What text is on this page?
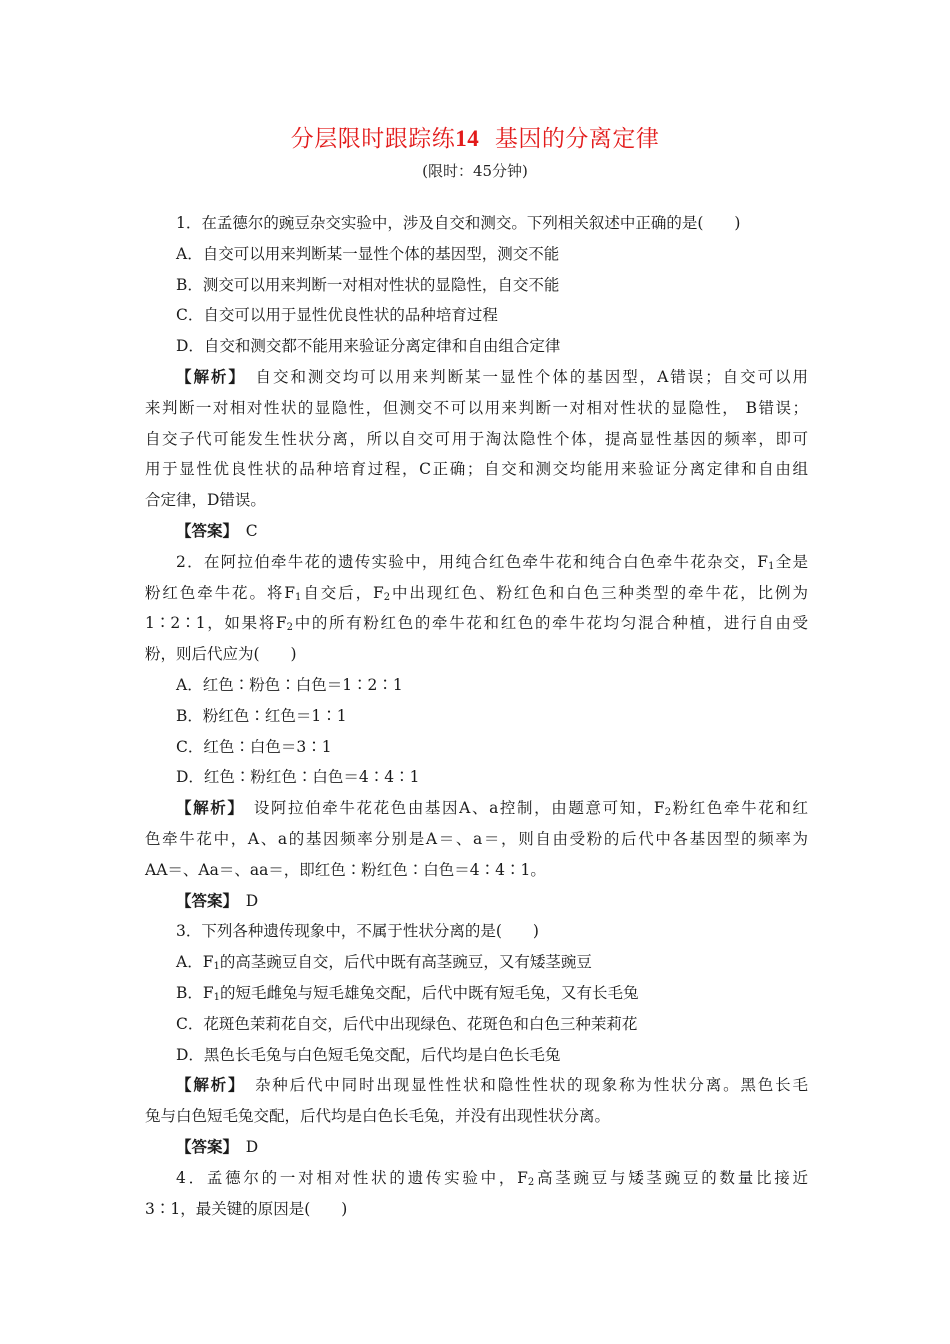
分层限时跟踪练14 基因的分离定律
(限时：45分钟)
1．在孟德尔的豌豆杂交实验中，涉及自交和测交。下列相关叙述中正确的是(　　)
A．自交可以用来判断某一显性个体的基因型，测交不能
B．测交可以用来判断一对相对性状的显隐性，自交不能
C．自交可以用于显性优良性状的品种培育过程
D．自交和测交都不能用来验证分离定律和自由组合定律
【解析】　自交和测交均可以用来判断某一显性个体的基因型，A错误；自交可以用
来判断一对相对性状的显隐性，但测交不可以用来判断一对相对性状的显隐性， B错误；
自交子代可能发生性状分离，所以自交可用于淘汰隐性个体，提高显性基因的频率，即可
用于显性优良性状的品种培育过程，C正确；自交和测交均能用来验证分离定律和自由组
合定律，D错误。
【答案】　C
2．在阿拉伯牵牛花的遗传实验中，用纯合红色牵牛花和纯合白色牵牛花杂交，$F_1$全是
粉红色牵牛花。将$F_1$自交后，$F_2$中出现红色、粉红色和白色三种类型的牵牛花，比例为
1∶2∶1，如果将$F_2$中的所有粉红色的牵牛花和红色的牵牛花均匀混合种植，进行自由受
粉，则后代应为(　　)
A．红色∶粉色∶白色＝1∶2∶1
B．粉红色∶红色＝1∶1
C．红色∶白色＝3∶1
D．红色∶粉红色∶白色＝4∶4∶1
【解析】　设阿拉伯牵牛花花色由基因A、a控制，由题意可知，$F_2$粉红色牵牛花和红
色牵牛花中，A、a的基因频率分别是A＝、a＝，则自由受粉的后代中各基因型的频率为
AA＝、Aa＝、aa＝，即红色∶粉红色∶白色＝4∶4∶1。
【答案】　D
3．下列各种遗传现象中，不属于性状分离的是(　　)
A．$F_1$的高茎豌豆自交，后代中既有高茎豌豆，又有矮茎豌豆
B．$F_1$的短毛雌兔与短毛雄兔交配，后代中既有短毛兔，又有长毛兔
C．花斑色茉莉花自交，后代中出现绿色、花斑色和白色三种茉莉花
D．黑色长毛兔与白色短毛兔交配，后代均是白色长毛兔
【解析】　杂种后代中同时出现显性性状和隐性性状的现象称为性状分离。黑色长毛
兔与白色短毛兔交配，后代均是白色长毛兔，并没有出现性状分离。
【答案】　D
4．孟德尔的一对相对性状的遗传实验中，$F_2$高茎豌豆与矮茎豌豆的数量比接近
3∶1，最关键的原因是(　　)
